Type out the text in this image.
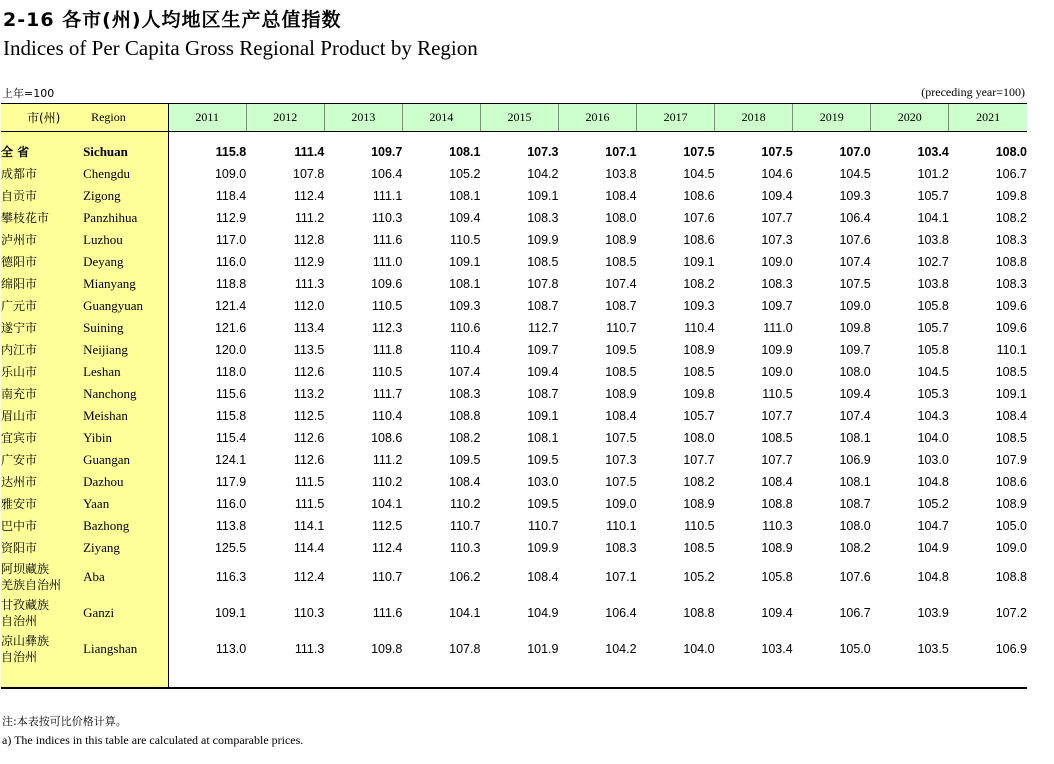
2-16 各市(州)人均地区生产总值指数
Indices of Per Capita Gross Regional Product by Region
上年=100	(preceding year=100)
市(州)	Region	2011	2012	2013	2014	2015	2016	2017	2018	2019	2020	2021

全 省	Sichuan	115.8	111.4	109.7	108.1	107.3	107.1	107.5	107.5	107.0	103.4	108.0

成都市	Chengdu	109.0	107.8	106.4	105.2	104.2	103.8	104.5	104.6	104.5	101.2	106.7

自贡市	Zigong	118.4	112.4	111.1	108.1	109.1	108.4	108.6	109.4	109.3	105.7	109.8

攀枝花市	Panzhihua	112.9	111.2	110.3	109.4	108.3	108.0	107.6	107.7	106.4	104.1	108.2

泸州市	Luzhou	117.0	112.8	111.6	110.5	109.9	108.9	108.6	107.3	107.6	103.8	108.3

德阳市	Deyang	116.0	112.9	111.0	109.1	108.5	108.5	109.1	109.0	107.4	102.7	108.8

绵阳市	Mianyang	118.8	111.3	109.6	108.1	107.8	107.4	108.2	108.3	107.5	103.8	108.3

广元市	Guangyuan	121.4	112.0	110.5	109.3	108.7	108.7	109.3	109.7	109.0	105.8	109.6

遂宁市	Suining	121.6	113.4	112.3	110.6	112.7	110.7	110.4	111.0	109.8	105.7	109.6

内江市	Neijiang	120.0	113.5	111.8	110.4	109.7	109.5	108.9	109.9	109.7	105.8	110.1

乐山市	Leshan	118.0	112.6	110.5	107.4	109.4	108.5	108.5	109.0	108.0	104.5	108.5

南充市	Nanchong	115.6	113.2	111.7	108.3	108.7	108.9	109.8	110.5	109.4	105.3	109.1

眉山市	Meishan	115.8	112.5	110.4	108.8	109.1	108.4	105.7	107.7	107.4	104.3	108.4

宜宾市	Yibin	115.4	112.6	108.6	108.2	108.1	107.5	108.0	108.5	108.1	104.0	108.5

广安市	Guangan	124.1	112.6	111.2	109.5	109.5	107.3	107.7	107.7	106.9	103.0	107.9

达州市	Dazhou	117.9	111.5	110.2	108.4	103.0	107.5	108.2	108.4	108.1	104.8	108.6

雅安市	Yaan	116.0	111.5	104.1	110.2	109.5	109.0	108.9	108.8	108.7	105.2	108.9

巴中市	Bazhong	113.8	114.1	112.5	110.7	110.7	110.1	110.5	110.3	108.0	104.7	105.0

资阳市	Ziyang	125.5	114.4	112.4	110.3	109.9	108.3	108.5	108.9	108.2	104.9	109.0

阿坝藏族
羌族自治州	Aba	116.3	112.4	110.7	106.2	108.4	107.1	105.2	105.8	107.6	104.8	108.8

甘孜藏族
自治州	Ganzi	109.1	110.3	111.6	104.1	104.9	106.4	108.8	109.4	106.7	103.9	107.2

凉山彝族
自治州	Liangshan	113.0	111.3	109.8	107.8	101.9	104.2	104.0	103.4	105.0	103.5	106.9

注:本表按可比价格计算。
a) The indices in this table are calculated at comparable prices.
